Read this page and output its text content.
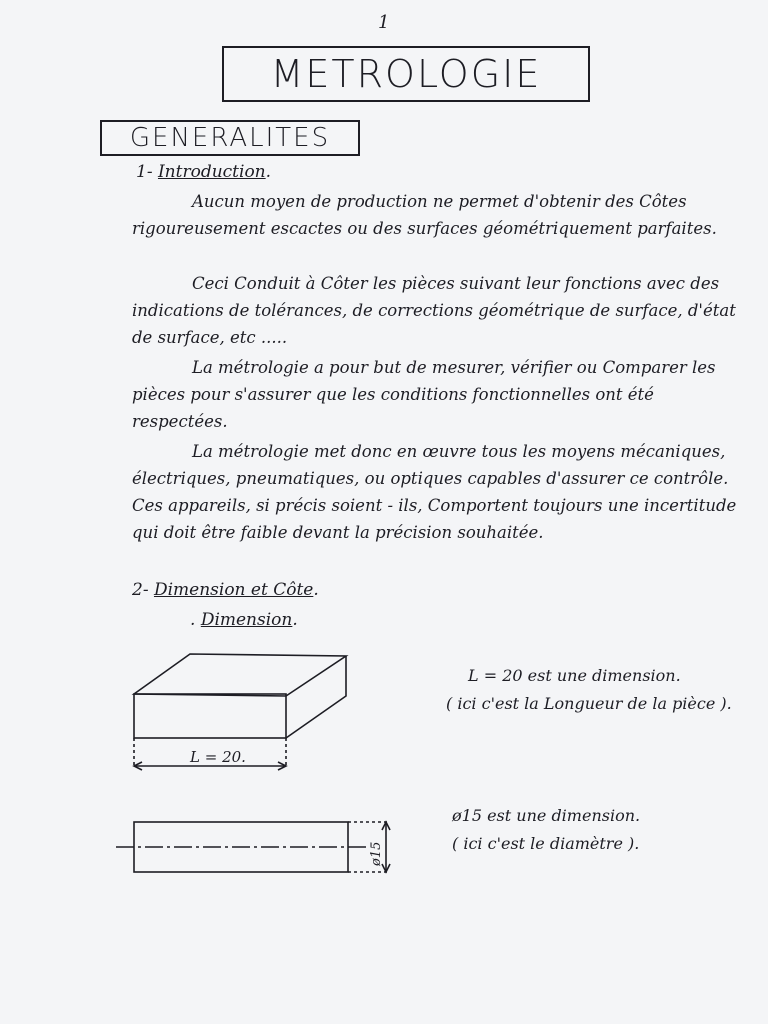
1
METROLOGIE
GENERALITES
1- Introduction.
Aucun moyen de production ne permet d'obtenir des Côtes rigoureusement escactes ou des surfaces géométriquement parfaites.
Ceci Conduit à Côter les pièces suivant leur fonctions avec des indications de tolérances, de corrections géométrique de surface, d'état de surface, etc .....
La métrologie a pour but de mesurer, vérifier ou Comparer les pièces pour s'assurer que les conditions fonctionnelles ont été respectées.
La métrologie met donc en œuvre tous les moyens mécaniques, électriques, pneumatiques, ou optiques capables d'assurer ce contrôle. Ces appareils, si précis soient - ils, Comportent toujours une incertitude qui doit être faible devant la précision souhaitée.
2- Dimension et Côte.
. Dimension.
L = 20.
ø15
L = 20 est une dimension.
( ici c'est la Longueur de la pièce ).
ø15 est une dimension.
( ici c'est le diamètre ).
